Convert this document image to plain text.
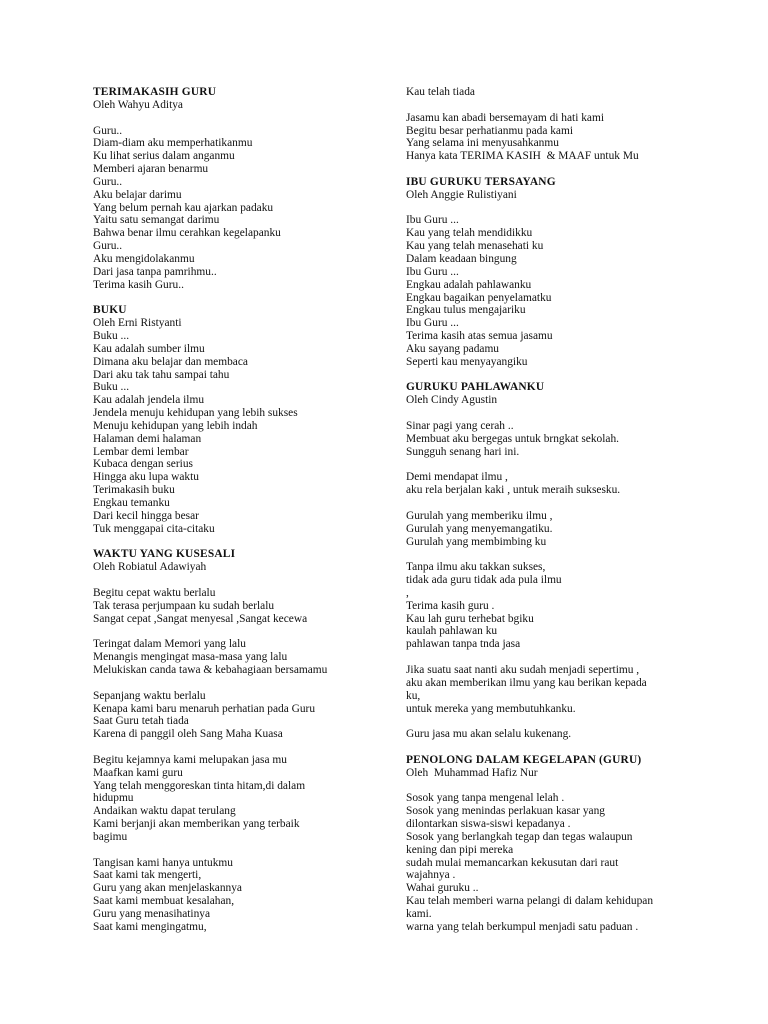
TERIMAKASIH GURU
Oleh Wahyu Aditya
Guru..
Diam-diam aku memperhatikanmu
Ku lihat serius dalam anganmu
Memberi ajaran benarmu
Guru..
Aku belajar darimu
Yang belum pernah kau ajarkan padaku
Yaitu satu semangat darimu
Bahwa benar ilmu cerahkan kegelapanku
Guru..
Aku mengidolakanmu
Dari jasa tanpa pamrihmu..
Terima kasih Guru..
BUKU
Oleh Erni Ristyanti
Buku ...
Kau adalah sumber ilmu
Dimana aku belajar dan membaca
Dari aku tak tahu sampai tahu
Buku ...
Kau adalah jendela ilmu
Jendela menuju kehidupan yang lebih sukses
Menuju kehidupan yang lebih indah
Halaman demi halaman
Lembar demi lembar
Kubaca dengan serius
Hingga aku lupa waktu
Terimakasih buku
Engkau temanku
Dari kecil hingga besar
Tuk menggapai cita-citaku
WAKTU YANG KUSESALI
Oleh Robiatul Adawiyah
Begitu cepat waktu berlalu
Tak terasa perjumpaan ku sudah berlalu
Sangat cepat ,Sangat menyesal ,Sangat kecewa
Teringat dalam Memori yang lalu
Menangis mengingat masa-masa yang lalu
Melukiskan canda tawa & kebahagiaan bersamamu
Sepanjang waktu berlalu
Kenapa kami baru menaruh perhatian pada Guru
Saat Guru tetah tiada
Karena di panggil oleh Sang Maha Kuasa
Begitu kejamnya kami melupakan jasa mu
Maafkan kami guru
Yang telah menggoreskan tinta hitam,di dalam
hidupmu
Andaikan waktu dapat terulang
Kami berjanji akan memberikan yang terbaik
bagimu
Tangisan kami hanya untukmu
Saat kami tak mengerti,
Guru yang akan menjelaskannya
Saat kami membuat kesalahan,
Guru yang menasihatinya
Saat kami mengingatmu,
Kau telah tiada
Jasamu kan abadi bersemayam di hati kami
Begitu besar perhatianmu pada kami
Yang selama ini menyusahkanmu
Hanya kata TERIMA KASIH  & MAAF untuk Mu
IBU GURUKU TERSAYANG
Oleh Anggie Rulistiyani
Ibu Guru ...
Kau yang telah mendidikku
Kau yang telah menasehati ku
Dalam keadaan bingung
Ibu Guru ...
Engkau adalah pahlawanku
Engkau bagaikan penyelamatku
Engkau tulus mengajariku
Ibu Guru ...
Terima kasih atas semua jasamu
Aku sayang padamu
Seperti kau menyayangiku
GURUKU PAHLAWANKU
Oleh Cindy Agustin
Sinar pagi yang cerah ..
Membuat aku bergegas untuk brngkat sekolah.
Sungguh senang hari ini.
Demi mendapat ilmu ,
aku rela berjalan kaki , untuk meraih suksesku.
Gurulah yang memberiku ilmu ,
Gurulah yang menyemangatiku.
Gurulah yang membimbing ku
Tanpa ilmu aku takkan sukses,
tidak ada guru tidak ada pula ilmu
,
Terima kasih guru .
Kau lah guru terhebat bgiku
kaulah pahlawan ku
pahlawan tanpa tnda jasa
Jika suatu saat nanti aku sudah menjadi sepertimu ,
aku akan memberikan ilmu yang kau berikan kepada
ku,
untuk mereka yang membutuhkanku.
Guru jasa mu akan selalu kukenang.
PENOLONG DALAM KEGELAPAN (GURU)
Oleh  Muhammad Hafiz Nur
Sosok yang tanpa mengenal lelah .
Sosok yang menindas perlakuan kasar yang
dilontarkan siswa-siswi kepadanya .
Sosok yang berlangkah tegap dan tegas walaupun
kening dan pipi mereka
sudah mulai memancarkan kekusutan dari raut
wajahnya .
Wahai guruku ..
Kau telah memberi warna pelangi di dalam kehidupan
kami.
warna yang telah berkumpul menjadi satu paduan .
